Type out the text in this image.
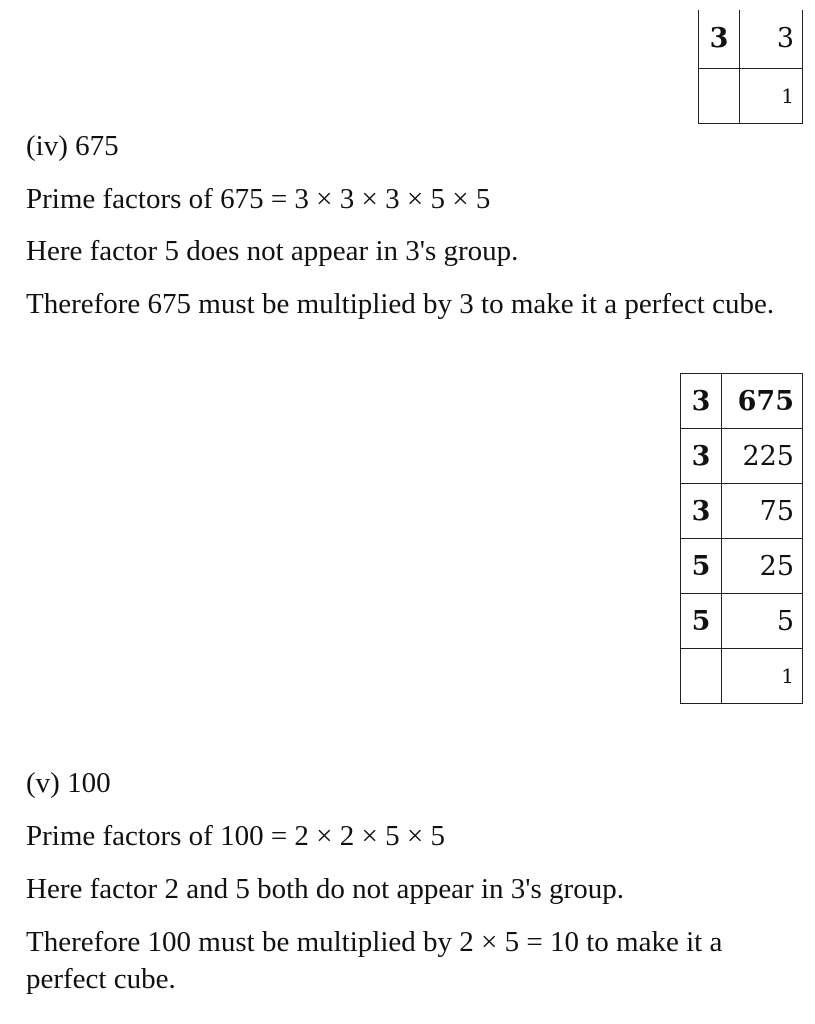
3	3
	1

(iv) 675

Prime factors of 675 = 3 × 3 × 3 × 5 × 5

Here factor 5 does not appear in 3's group.

Therefore 675 must be multiplied by 3 to make it a perfect cube.

3	675
3	225
3	75
5	25
5	5
	1

(v) 100

Prime factors of 100 = 2 × 2 × 5 × 5

Here factor 2 and 5 both do not appear in 3's group.

Therefore 100 must be multiplied by 2 × 5 = 10 to make it a perfect cube.
